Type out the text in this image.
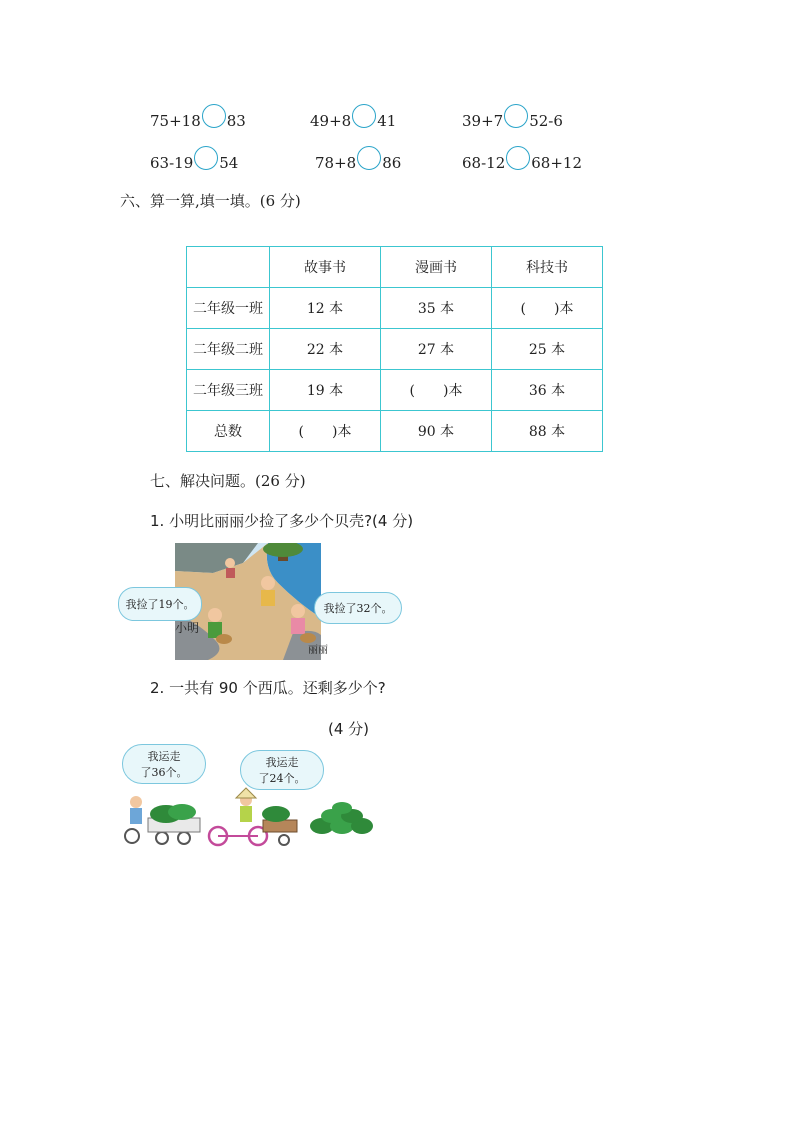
75+18 83	49+8 41	39+7 52-6
63-19 54	78+8 86	68-12 68+12
六、算一算,填一填。(6 分)
	故事书	漫画书	科技书
二年级一班	12 本	35 本	(　　)本
二年级二班	22 本	27 本	25 本
二年级三班	19 本	(　　)本	36 本
总数	(　　)本	90 本	88 本
七、解决问题。(26 分)
1. 小明比丽丽少捡了多少个贝壳?(4 分)
我捡了19个。	我捡了32个。
小明
丽丽
2. 一共有 90 个西瓜。还剩多少个?
(4 分)
我运走
了36个。
我运走
了24个。
